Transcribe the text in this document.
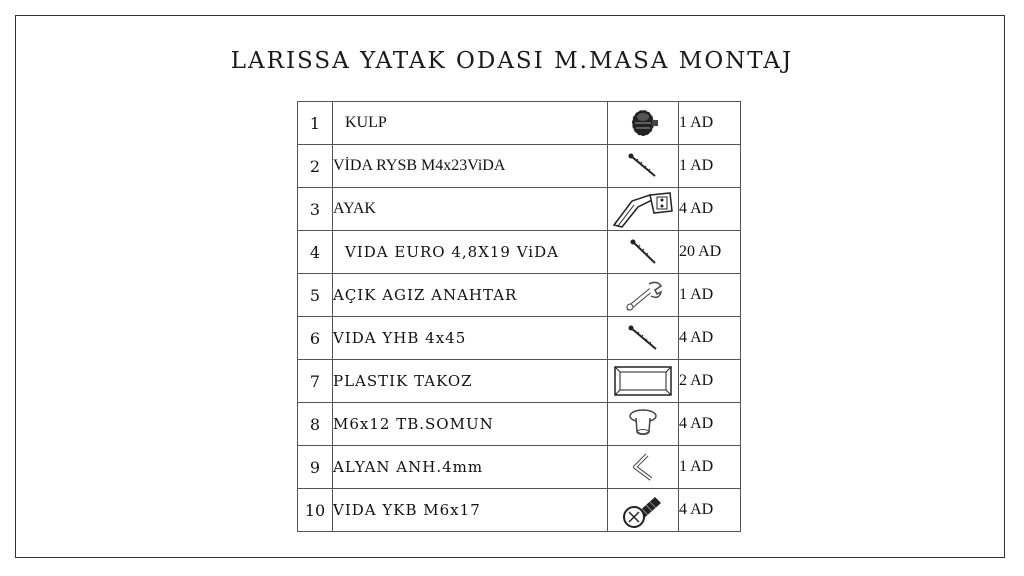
LARISSA YATAK ODASI M.MASA MONTAJ
1	KULP		1 AD
2	VİDA RYSB M4x23ViDA		1 AD
3	AYAK		4 AD
4	VIDA EURO 4,8X19 ViDA		20 AD
5	AÇIK AGIZ ANAHTAR		1 AD
6	VIDA YHB 4x45		4 AD
7	PLASTIK TAKOZ		2 AD
8	M6x12 TB.SOMUN		4 AD
9	ALYAN ANH.4mm		1 AD
10	VIDA YKB M6x17		4 AD
